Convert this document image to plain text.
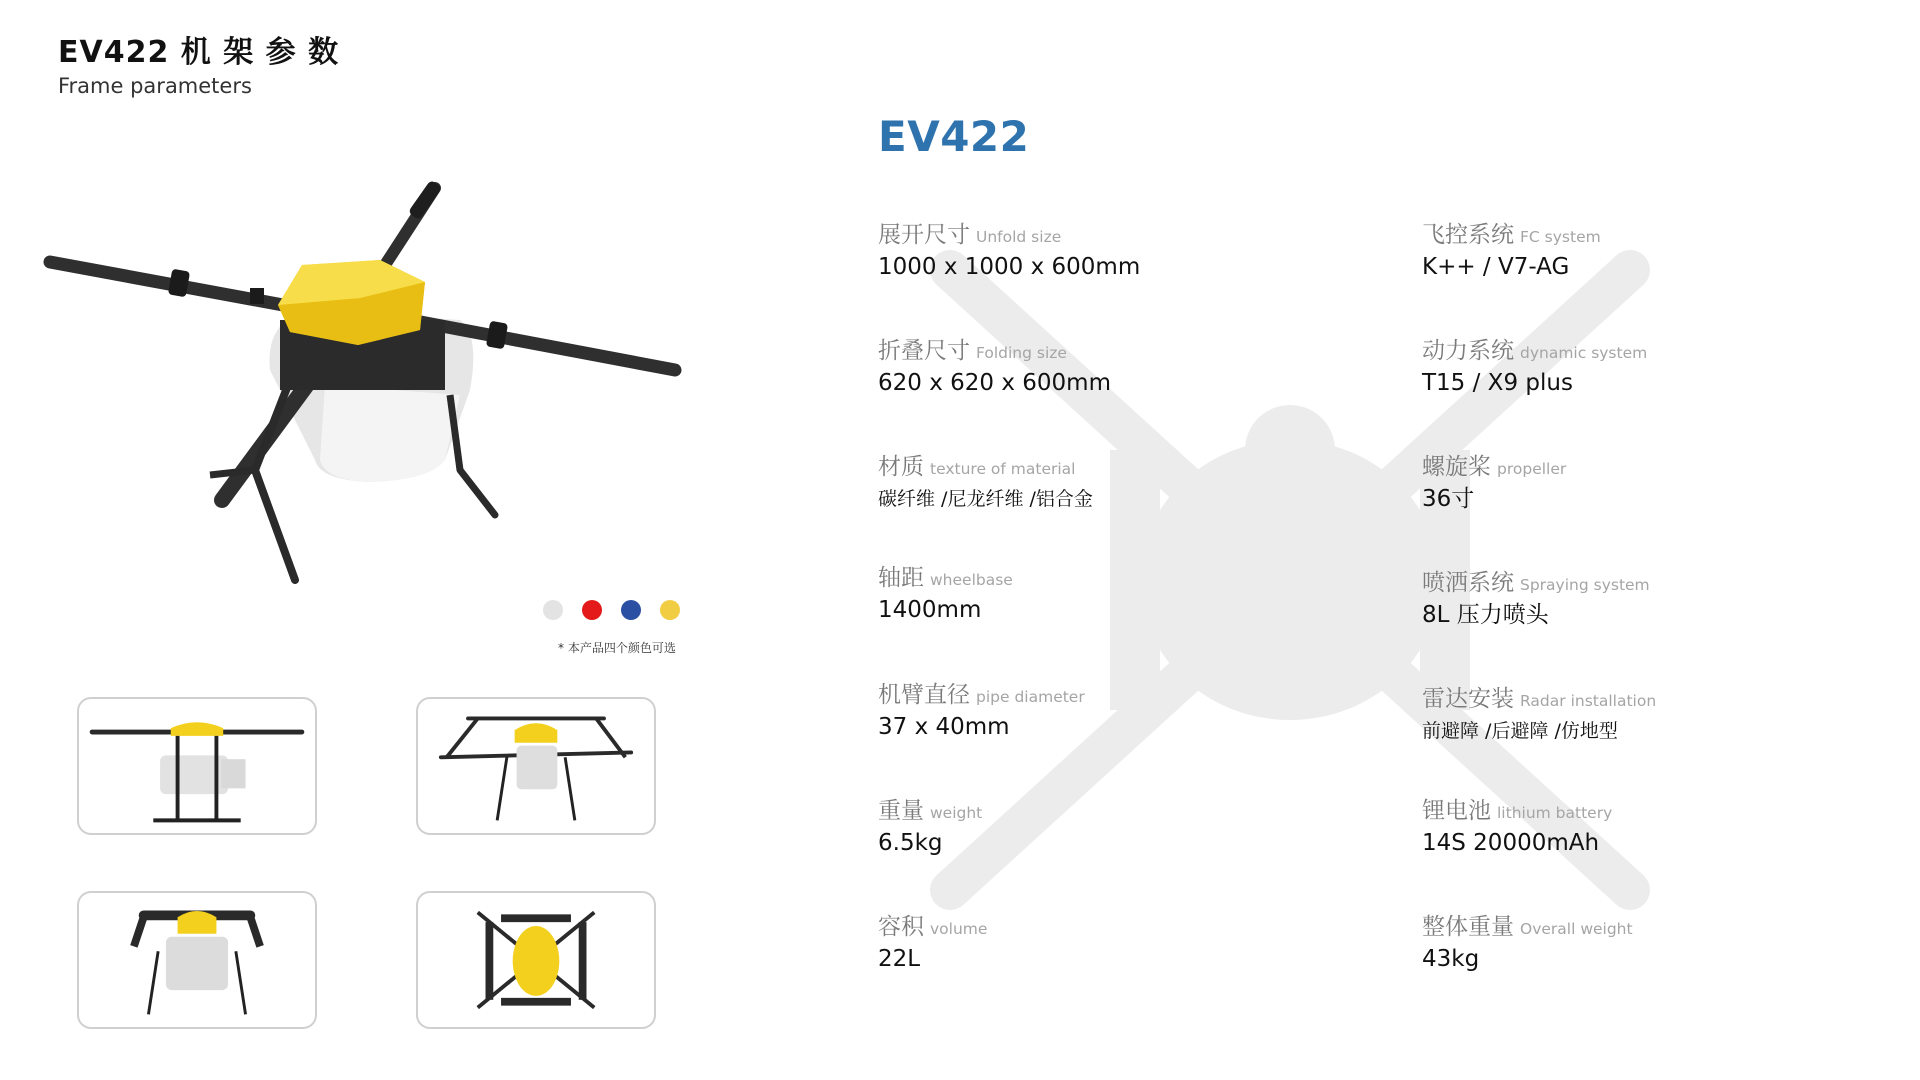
EV422 机 架 参 数
Frame parameters
* 本产品四个颜色可选
EV422
展开尺寸 Unfold size
1000 x 1000 x 600mm
折叠尺寸 Folding size
620 x 620 x 600mm
材质 texture of material
碳纤维 /尼龙纤维 /铝合金
轴距 wheelbase
1400mm
机臂直径 pipe diameter
37 x 40mm
重量 weight
6.5kg
容积 volume
22L
飞控系统 FC system
K++ / V7-AG
动力系统 dynamic system
T15 / X9 plus
螺旋桨 propeller
36寸
喷洒系统 Spraying system
8L 压力喷头
雷达安装 Radar installation
前避障 /后避障 /仿地型
锂电池 lithium battery
14S 20000mAh
整体重量 Overall weight
43kg
